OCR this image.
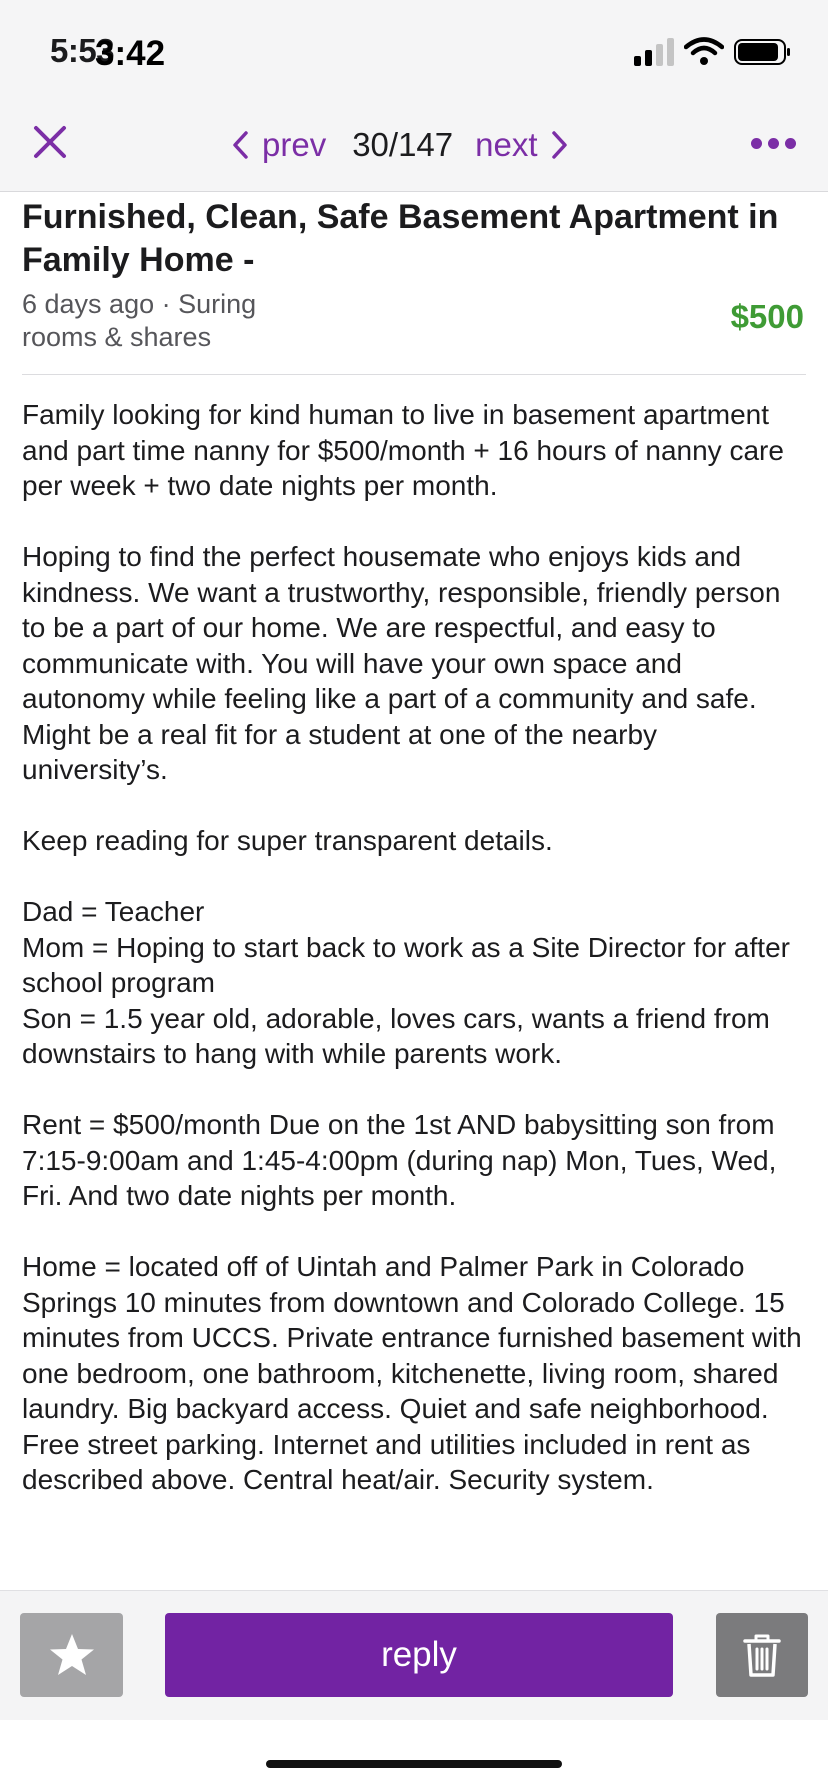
5:53
3:42
prev 30/147 next
Furnished, Clean, Safe Basement Apartment in Family Home -
6 days ago · Suring
rooms & shares
$500

Family looking for kind human to live in basement apartment and part time nanny for $500/month + 16 hours of nanny care per week + two date nights per month.

Hoping to find the perfect housemate who enjoys kids and kindness. We want a trustworthy, responsible, friendly person to be a part of our home. We are respectful, and easy to communicate with. You will have your own space and autonomy while feeling like a part of a community and safe. Might be a real fit for a student at one of the nearby university’s.

Keep reading for super transparent details.

Dad = Teacher

Mom = Hoping to start back to work as a Site Director for after school program

Son = 1.5 year old, adorable, loves cars, wants a friend from downstairs to hang with while parents work.

Rent = $500/month Due on the 1st AND babysitting son from 7:15-9:00am and 1:45-4:00pm (during nap) Mon, Tues, Wed, Fri. And two date nights per month.

Home = located off of Uintah and Palmer Park in Colorado Springs 10 minutes from downtown and Colorado College. 15 minutes from UCCS. Private entrance furnished basement with one bedroom, one bathroom, kitchenette, living room, shared laundry. Big backyard access. Quiet and safe neighborhood. Free street parking. Internet and utilities included in rent as described above. Central heat/air. Security system.

reply
